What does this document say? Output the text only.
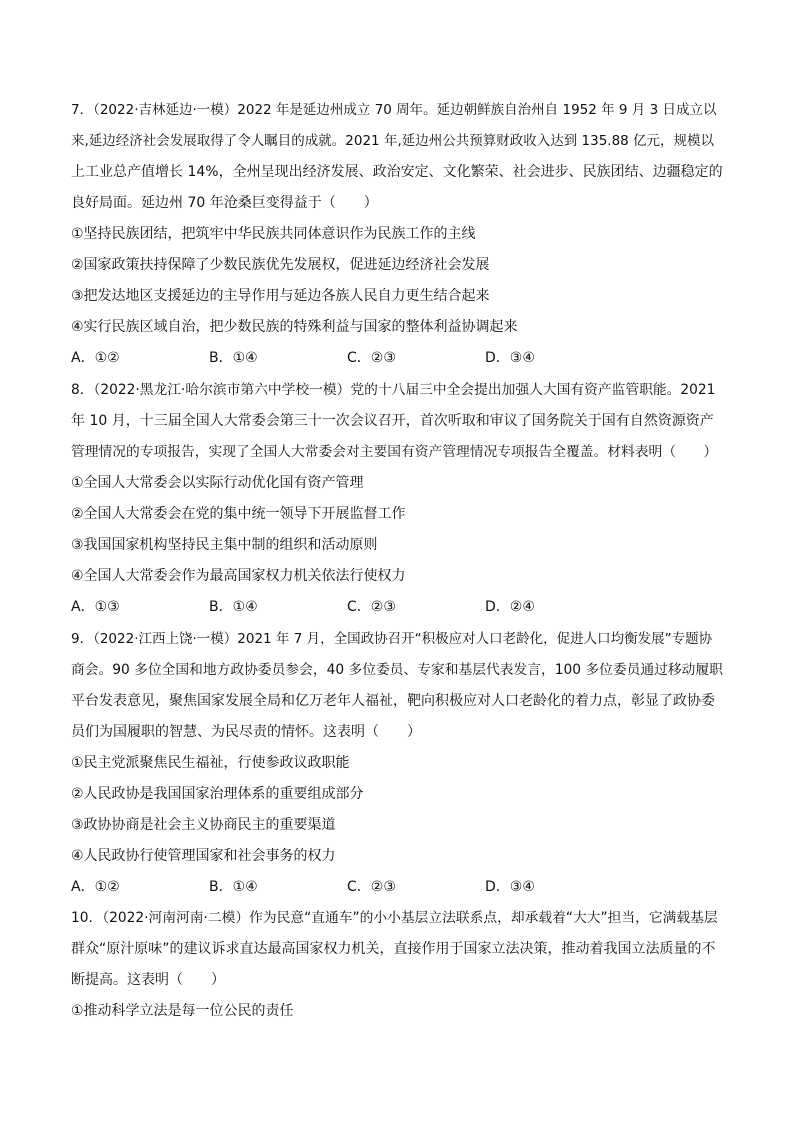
7．（2022·吉林延边·一模）2022 年是延边州成立 70 周年。延边朝鲜族自治州自 1952 年 9 月 3 日成立以
来,延边经济社会发展取得了令人瞩目的成就。2021 年,延边州公共预算财政收入达到 135.88 亿元，规模以
上工业总产值增长 14%，全州呈现出经济发展、政治安定、文化繁荣、社会进步、民族团结、边疆稳定的
良好局面。延边州 70 年沧桑巨变得益于（　　）
①坚持民族团结，把筑牢中华民族共同体意识作为民族工作的主线
②国家政策扶持保障了少数民族优先发展权，促进延边经济社会发展
③把发达地区支援延边的主导作用与延边各族人民自力更生结合起来
④实行民族区域自治，把少数民族的特殊利益与国家的整体利益协调起来
A．①②	B．①④	C．②③	D．③④
8．（2022·黑龙江·哈尔滨市第六中学校一模）党的十八届三中全会提出加强人大国有资产监管职能。2021
年 10 月，十三届全国人大常委会第三十一次会议召开，首次听取和审议了国务院关于国有自然资源资产
管理情况的专项报告，实现了全国人大常委会对主要国有资产管理情况专项报告全覆盖。材料表明（　　）
①全国人大常委会以实际行动优化国有资产管理
②全国人大常委会在党的集中统一领导下开展监督工作
③我国国家机构坚持民主集中制的组织和活动原则
④全国人大常委会作为最高国家权力机关依法行使权力
A．①③	B．①④	C．②③	D．②④
9．（2022·江西上饶·一模）2021 年 7 月，全国政协召开“积极应对人口老龄化，促进人口均衡发展”专题协
商会。90 多位全国和地方政协委员参会，40 多位委员、专家和基层代表发言，100 多位委员通过移动履职
平台发表意见，聚焦国家发展全局和亿万老年人福祉，靶向积极应对人口老龄化的着力点，彰显了政协委
员们为国履职的智慧、为民尽责的情怀。这表明（　　）
①民主党派聚焦民生福祉，行使参政议政职能
②人民政协是我国国家治理体系的重要组成部分
③政协协商是社会主义协商民主的重要渠道
④人民政协行使管理国家和社会事务的权力
A．①②	B．①④	C．②③	D．③④
10．（2022·河南河南·二模）作为民意“直通车”的小小基层立法联系点，却承载着“大大”担当，它满载基层
群众“原汁原味”的建议诉求直达最高国家权力机关，直接作用于国家立法决策，推动着我国立法质量的不
断提高。这表明（　　）
①推动科学立法是每一位公民的责任
